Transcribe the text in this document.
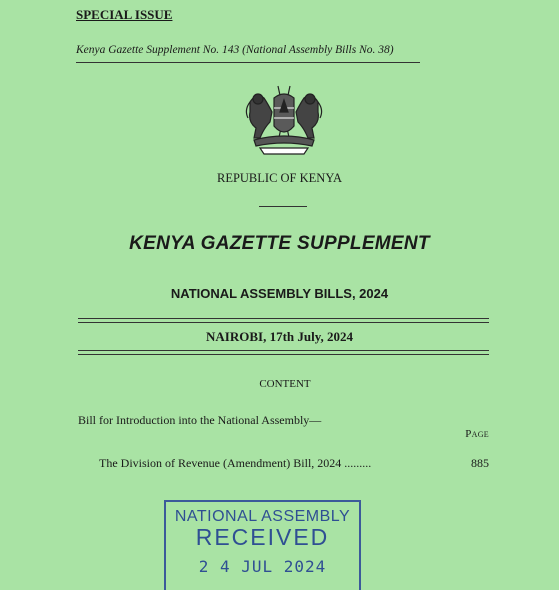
SPECIAL ISSUE
Kenya Gazette Supplement No. 143 (National Assembly Bills No. 38)
REPUBLIC OF KENYA
KENYA GAZETTE SUPPLEMENT
NATIONAL ASSEMBLY BILLS, 2024
NAIROBI, 17th July, 2024
CONTENT
Bill for Introduction into the National Assembly—
Page
The Division of Revenue (Amendment) Bill, 2024 .........	885
NATIONAL ASSEMBLY
RECEIVED
2 4 JUL 2024
